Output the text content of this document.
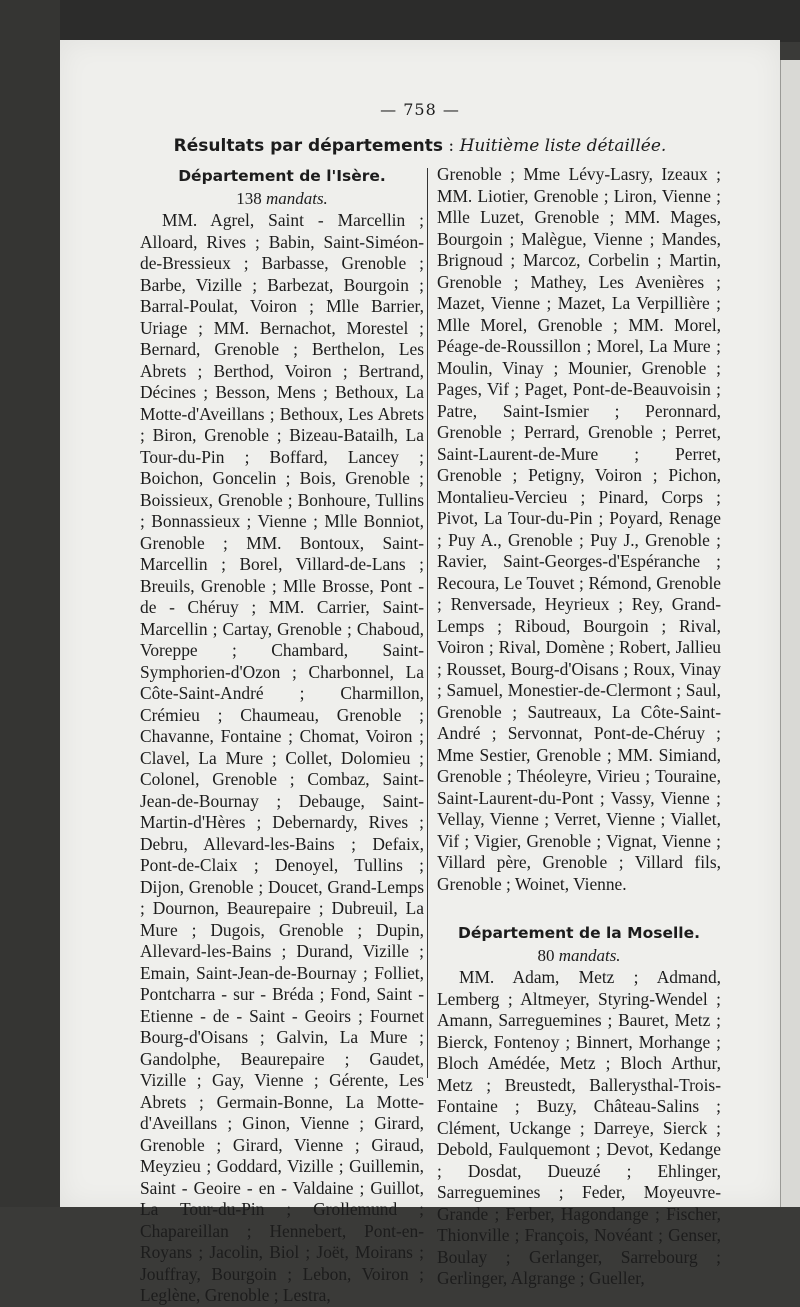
— 758 —
Résultats par départements : Huitième liste détaillée.
Département de l'Isère.
138 mandats.
MM. Agrel, Saint - Marcellin ; Alloard, Rives ; Babin, Saint-Siméon-de-Bressieux ; Barbasse, Grenoble ; Barbe, Vizille ; Barbezat, Bourgoin ; Barral-Poulat, Voiron ; Mlle Barrier, Uriage ; MM. Bernachot, Morestel ; Bernard, Grenoble ; Berthelon, Les Abrets ; Berthod, Voiron ; Bertrand, Décines ; Besson, Mens ; Bethoux, La Motte-d'Aveillans ; Bethoux, Les Abrets ; Biron, Grenoble ; Bizeau-Batailh, La Tour-du-Pin ; Boffard, Lancey ; Boichon, Goncelin ; Bois, Grenoble ; Boissieux, Grenoble ; Bonhoure, Tullins ; Bonnassieux ; Vienne ; Mlle Bonniot, Grenoble ; MM. Bontoux, Saint-Marcellin ; Borel, Villard-de-Lans ; Breuils, Grenoble ; Mlle Brosse, Pont - de - Chéruy ; MM. Carrier, Saint-Marcellin ; Cartay, Grenoble ; Chaboud, Voreppe ; Chambard, Saint-Symphorien-d'Ozon ; Charbonnel, La Côte-Saint-André ; Charmillon, Crémieu ; Chaumeau, Grenoble ; Chavanne, Fontaine ; Chomat, Voiron ; Clavel, La Mure ; Collet, Dolomieu ; Colonel, Grenoble ; Combaz, Saint-Jean-de-Bournay ; Debauge, Saint-Martin-d'Hères ; Debernardy, Rives ; Debru, Allevard-les-Bains ; Defaix, Pont-de-Claix ; Denoyel, Tullins ; Dijon, Grenoble ; Doucet, Grand-Lemps ; Dournon, Beaurepaire ; Dubreuil, La Mure ; Dugois, Grenoble ; Dupin, Allevard-les-Bains ; Durand, Vizille ; Emain, Saint-Jean-de-Bournay ; Folliet, Pontcharra - sur - Bréda ; Fond, Saint - Etienne - de - Saint - Geoirs ; Fournet Bourg-d'Oisans ; Galvin, La Mure ; Gandolphe, Beaurepaire ; Gaudet, Vizille ; Gay, Vienne ; Gérente, Les Abrets ; Germain-Bonne, La Motte-d'Aveillans ; Ginon, Vienne ; Girard, Grenoble ; Girard, Vienne ; Giraud, Meyzieu ; Goddard, Vizille ; Guillemin, Saint - Geoire - en - Valdaine ; Guillot, La Tour-du-Pin ; Grollemund ; Chapareillan ; Hennebert, Pont-en-Royans ; Jacolin, Biol ; Joët, Moirans ; Jouffray, Bourgoin ; Lebon, Voiron ; Leglène, Grenoble ; Lestra,
Grenoble ; Mme Lévy-Lasry, Izeaux ; MM. Liotier, Grenoble ; Liron, Vienne ; Mlle Luzet, Grenoble ; MM. Mages, Bourgoin ; Malègue, Vienne ; Mandes, Brignoud ; Marcoz, Corbelin ; Martin, Grenoble ; Mathey, Les Avenières ; Mazet, Vienne ; Mazet, La Verpillière ; Mlle Morel, Grenoble ; MM. Morel, Péage-de-Roussillon ; Morel, La Mure ; Moulin, Vinay ; Mounier, Grenoble ; Pages, Vif ; Paget, Pont-de-Beauvoisin ; Patre, Saint-Ismier ; Peronnard, Grenoble ; Perrard, Grenoble ; Perret, Saint-Laurent-de-Mure ; Perret, Grenoble ; Petigny, Voiron ; Pichon, Montalieu-Vercieu ; Pinard, Corps ; Pivot, La Tour-du-Pin ; Poyard, Renage ; Puy A., Grenoble ; Puy J., Grenoble ; Ravier, Saint-Georges-d'Espéranche ; Recoura, Le Touvet ; Rémond, Grenoble ; Renversade, Heyrieux ; Rey, Grand-Lemps ; Riboud, Bourgoin ; Rival, Voiron ; Rival, Domène ; Robert, Jallieu ; Rousset, Bourg-d'Oisans ; Roux, Vinay ; Samuel, Monestier-de-Clermont ; Saul, Grenoble ; Sautreaux, La Côte-Saint-André ; Servonnat, Pont-de-Chéruy ; Mme Sestier, Grenoble ; MM. Simiand, Grenoble ; Théoleyre, Virieu ; Touraine, Saint-Laurent-du-Pont ; Vassy, Vienne ; Vellay, Vienne ; Verret, Vienne ; Viallet, Vif ; Vigier, Grenoble ; Vignat, Vienne ; Villard père, Grenoble ; Villard fils, Grenoble ; Woinet, Vienne.
Département de la Moselle.
80 mandats.
MM. Adam, Metz ; Admand, Lemberg ; Altmeyer, Styring-Wendel ; Amann, Sarreguemines ; Bauret, Metz ; Bierck, Fontenoy ; Binnert, Morhange ; Bloch Amédée, Metz ; Bloch Arthur, Metz ; Breustedt, Ballerysthal-Trois-Fontaine ; Buzy, Château-Salins ; Clément, Uckange ; Darreye, Sierck ; Debold, Faulquemont ; Devot, Kedange ; Dosdat, Dueuzé ; Ehlinger, Sarreguemines ; Feder, Moyeuvre-Grande ; Ferber, Hagondange ; Fischer, Thionville ; François, Novéant ; Genser, Boulay ; Gerlanger, Sarrebourg ; Gerlinger, Algrange ; Gueller,
